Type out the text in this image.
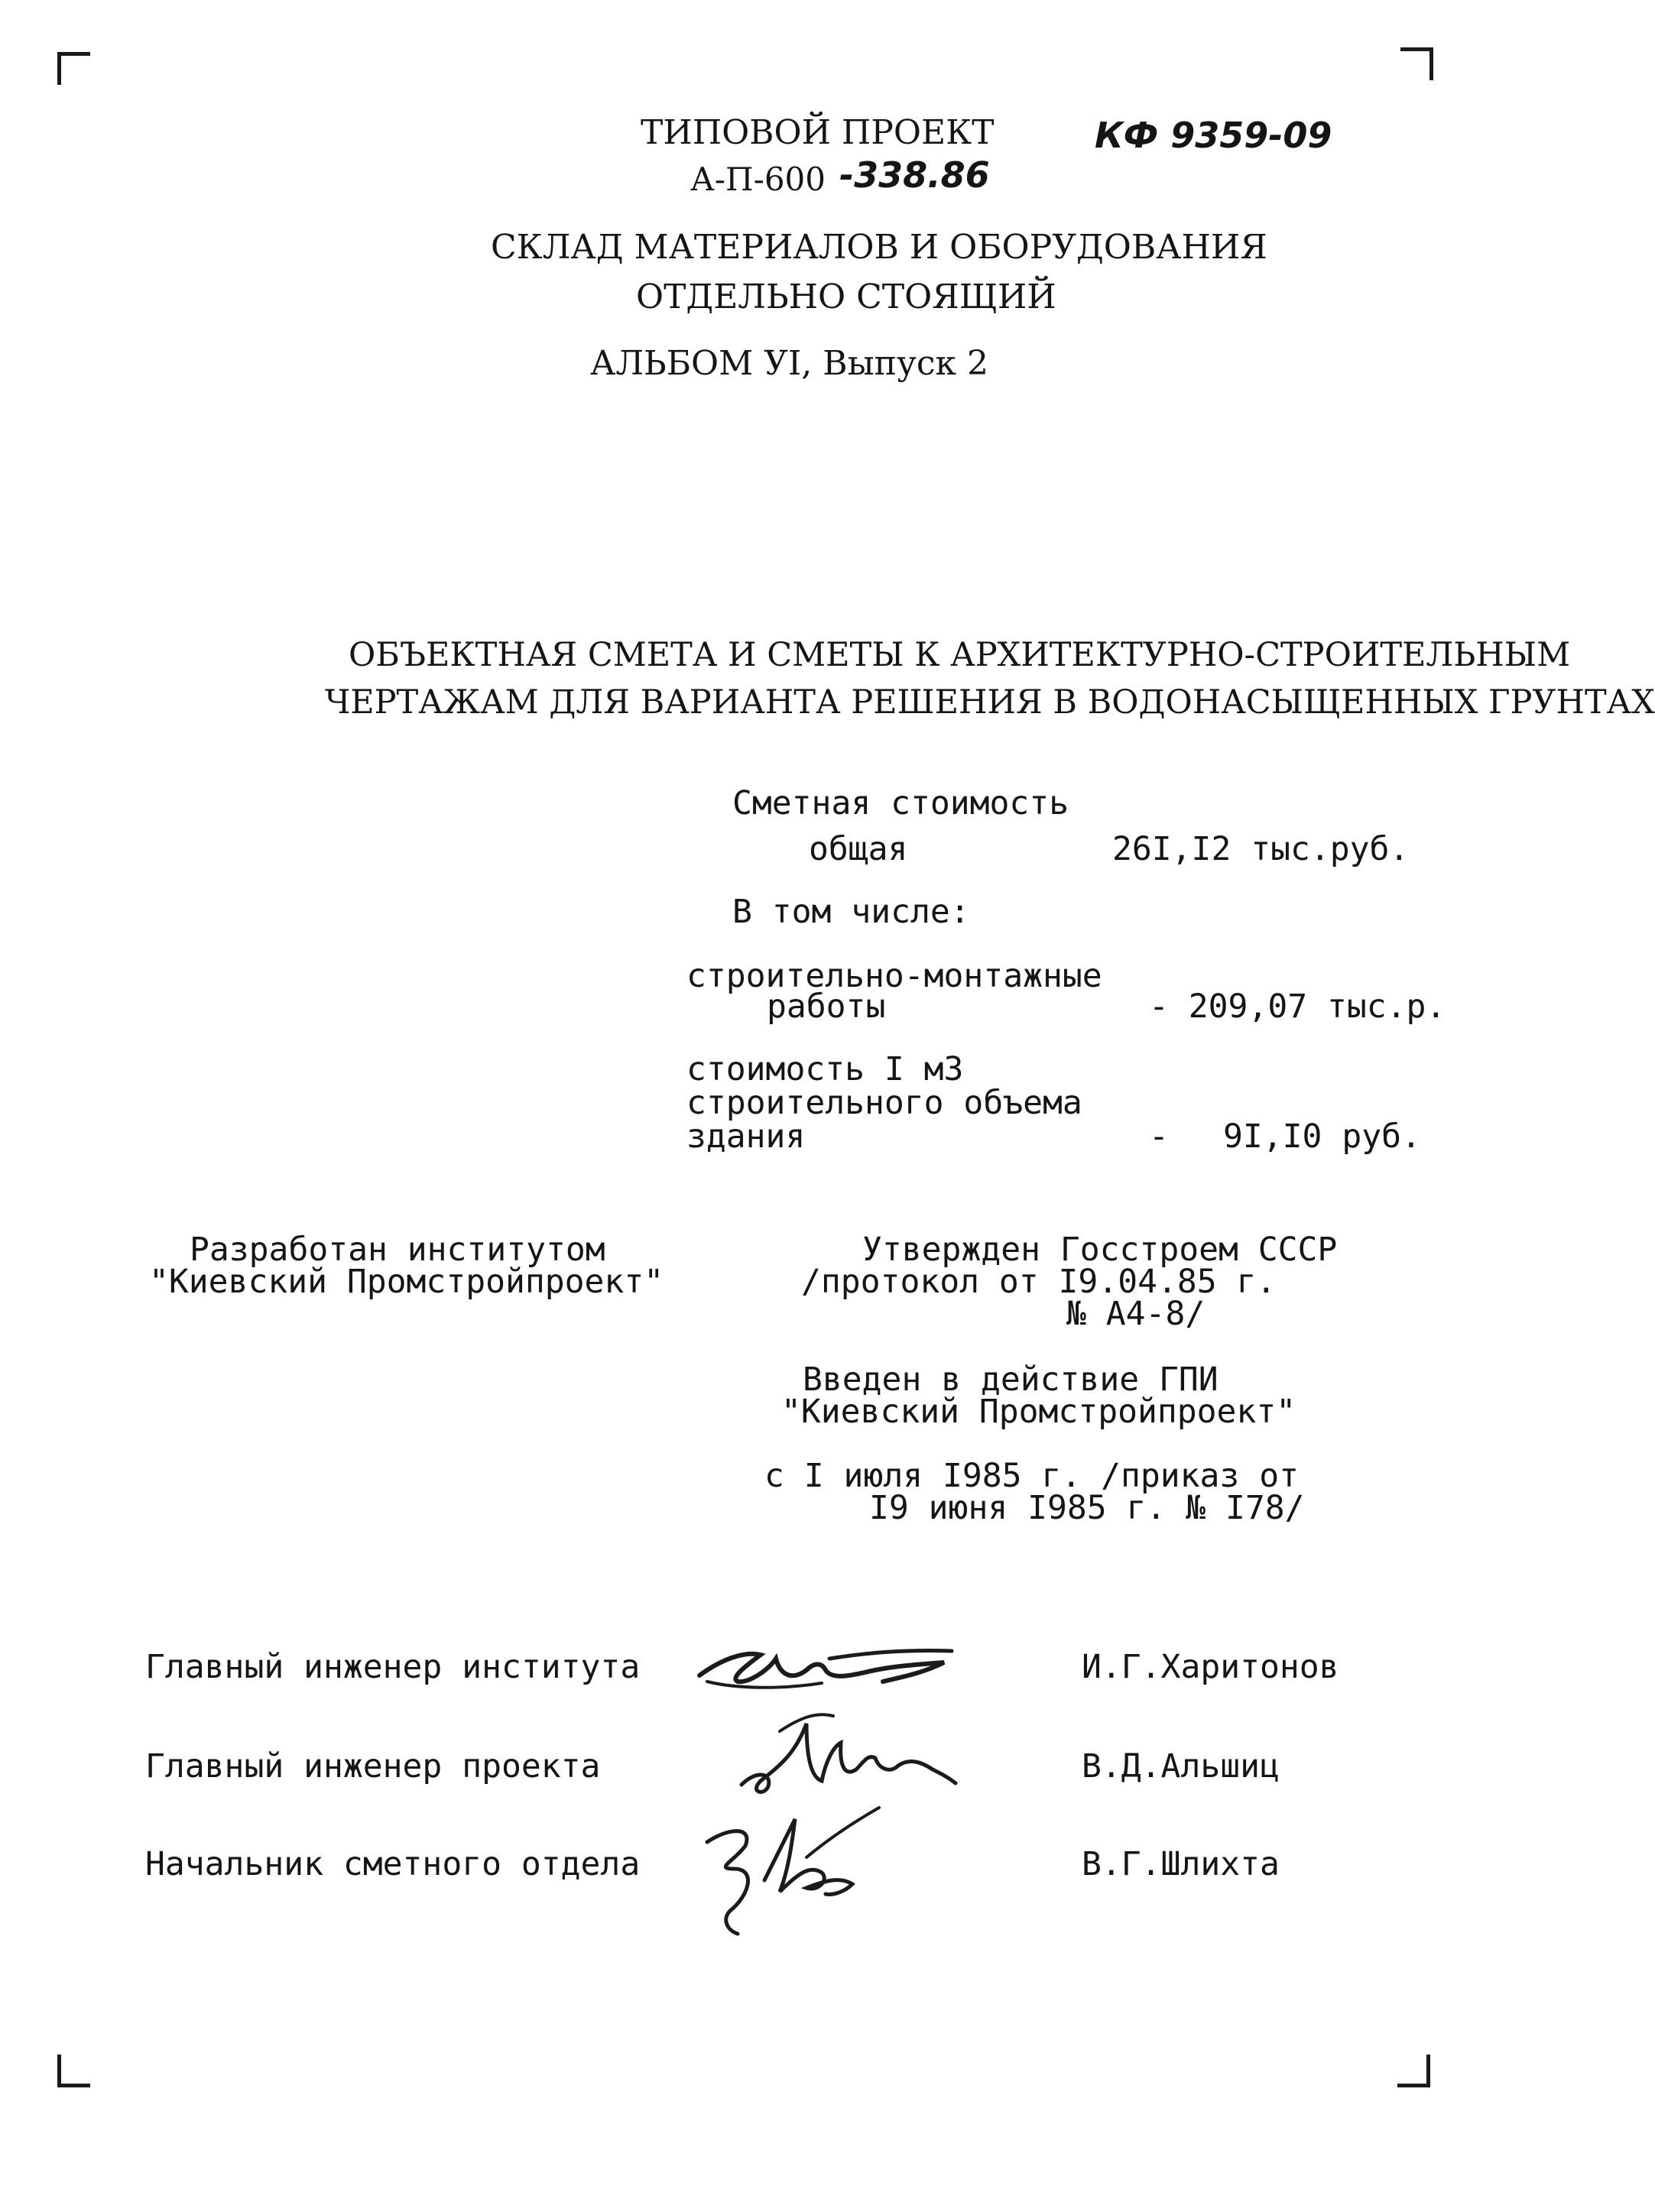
ТИПОВОЙ ПРОЕКТ	КФ 9359-09
А-П-600 -338.86
СКЛАД МАТЕРИАЛОВ И ОБОРУДОВАНИЯ
ОТДЕЛЬНО СТОЯЩИЙ
АЛЬБОМ УI, Выпуск 2
ОБЪЕКТНАЯ СМЕТА И СМЕТЫ К АРХИТЕКТУРНО-СТРОИТЕЛЬНЫМ
ЧЕРТАЖАМ ДЛЯ ВАРИАНТА РЕШЕНИЯ В ВОДОНАСЫЩЕННЫХ ГРУНТАХ
Сметная стоимость
общая	26I,I2 тыс.руб.
В том числе:
строительно-монтажные
работы	- 209,07 тыс.р.
стоимость I м3
строительного объема
здания	- 9I,I0 руб.
Разработан институтом
"Киевский Промстройпроект"
Утвержден Госстроем СССР
/протокол от I9.04.85 г.
№ А4-8/
Введен в действие ГПИ
"Киевский Промстройпроект"
с I июля I985 г. /приказ от
I9 июня I985 г. № I78/
Главный инженер института	И.Г.Харитонов
Главный инженер проекта	В.Д.Альшиц
Начальник сметного отдела	В.Г.Шлихта
